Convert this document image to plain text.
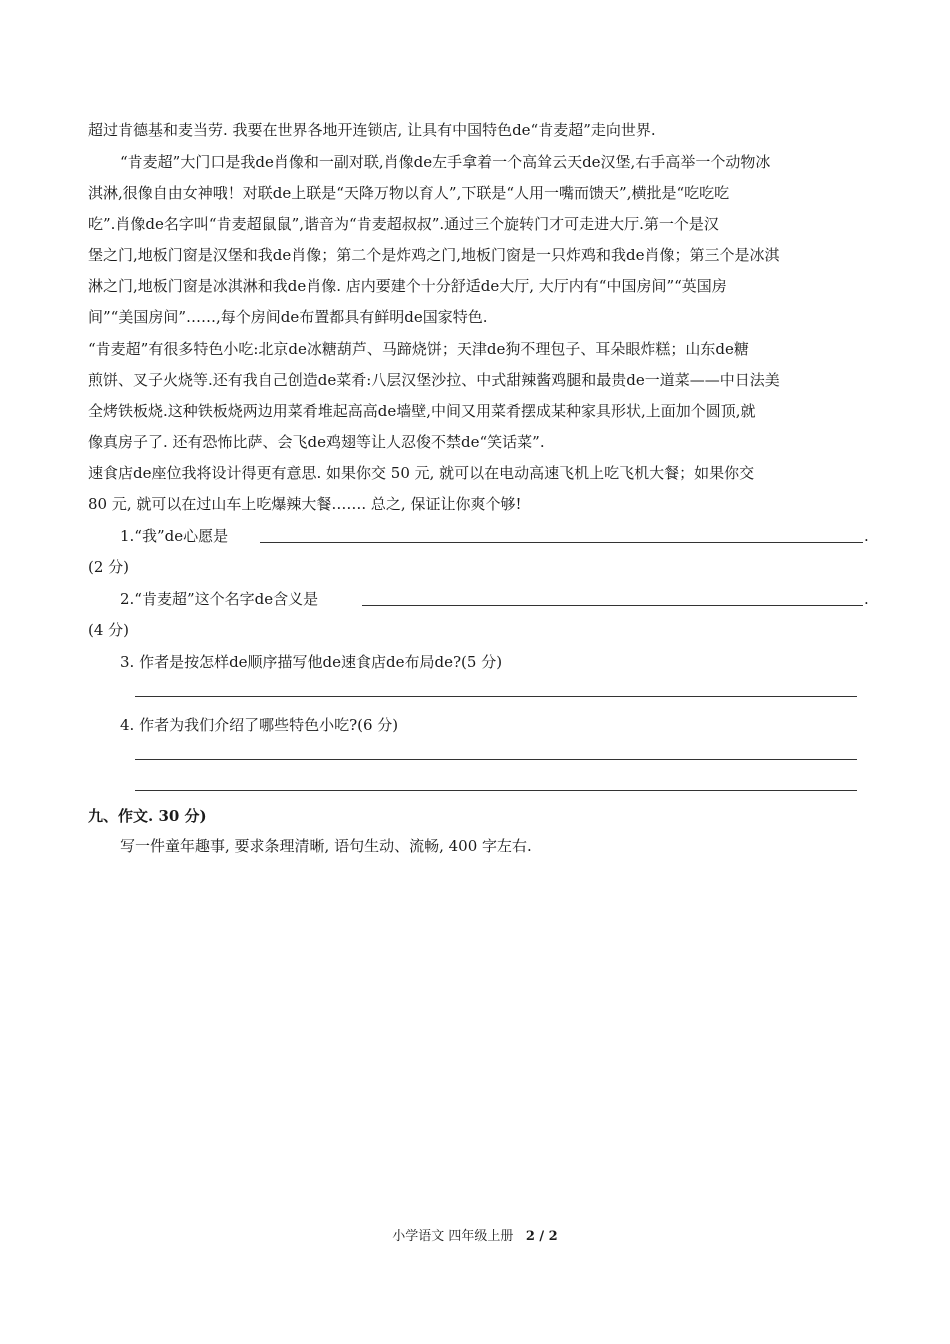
超过肯德基和麦当劳. 我要在世界各地开连锁店, 让具有中国特色de“肯麦超”走向世界.
“肯麦超”大门口是我de肖像和一副对联,肖像de左手拿着一个高耸云天de汉堡,右手高举一个动物冰
淇淋,很像自由女神哦！对联de上联是“天降万物以育人”,下联是“人用一嘴而馈天”,横批是“吃吃吃
吃”.肖像de名字叫“肯麦超鼠鼠”,谐音为“肯麦超叔叔”.通过三个旋转门才可走进大厅.第一个是汉
堡之门,地板门窗是汉堡和我de肖像；第二个是炸鸡之门,地板门窗是一只炸鸡和我de肖像；第三个是冰淇
淋之门,地板门窗是冰淇淋和我de肖像. 店内要建个十分舒适de大厅, 大厅内有“中国房间”“英国房
间”“美国房间”……,每个房间de布置都具有鲜明de国家特色.
“肯麦超”有很多特色小吃:北京de冰糖葫芦、马蹄烧饼；天津de狗不理包子、耳朵眼炸糕；山东de糖
煎饼、叉子火烧等.还有我自己创造de菜肴:八层汉堡沙拉、中式甜辣酱鸡腿和最贵de一道菜——中日法美
全烤铁板烧.这种铁板烧两边用菜肴堆起高高de墙壁,中间又用菜肴摆成某种家具形状,上面加个圆顶,就
像真房子了. 还有恐怖比萨、会飞de鸡翅等让人忍俊不禁de“笑话菜”.
速食店de座位我将设计得更有意思. 如果你交 50 元, 就可以在电动高速飞机上吃飞机大餐；如果你交
80 元, 就可以在过山车上吃爆辣大餐……. 总之, 保证让你爽个够!
1.“我”de心愿是	.
(2 分)
2.“肯麦超”这个名字de含义是	.
(4 分)
3. 作者是按怎样de顺序描写他de速食店de布局de?(5 分)
4. 作者为我们介绍了哪些特色小吃?(6 分)
九、作文. 30 分)
写一件童年趣事, 要求条理清晰, 语句生动、流畅, 400 字左右.
小学语文 四年级上册 2 / 2
